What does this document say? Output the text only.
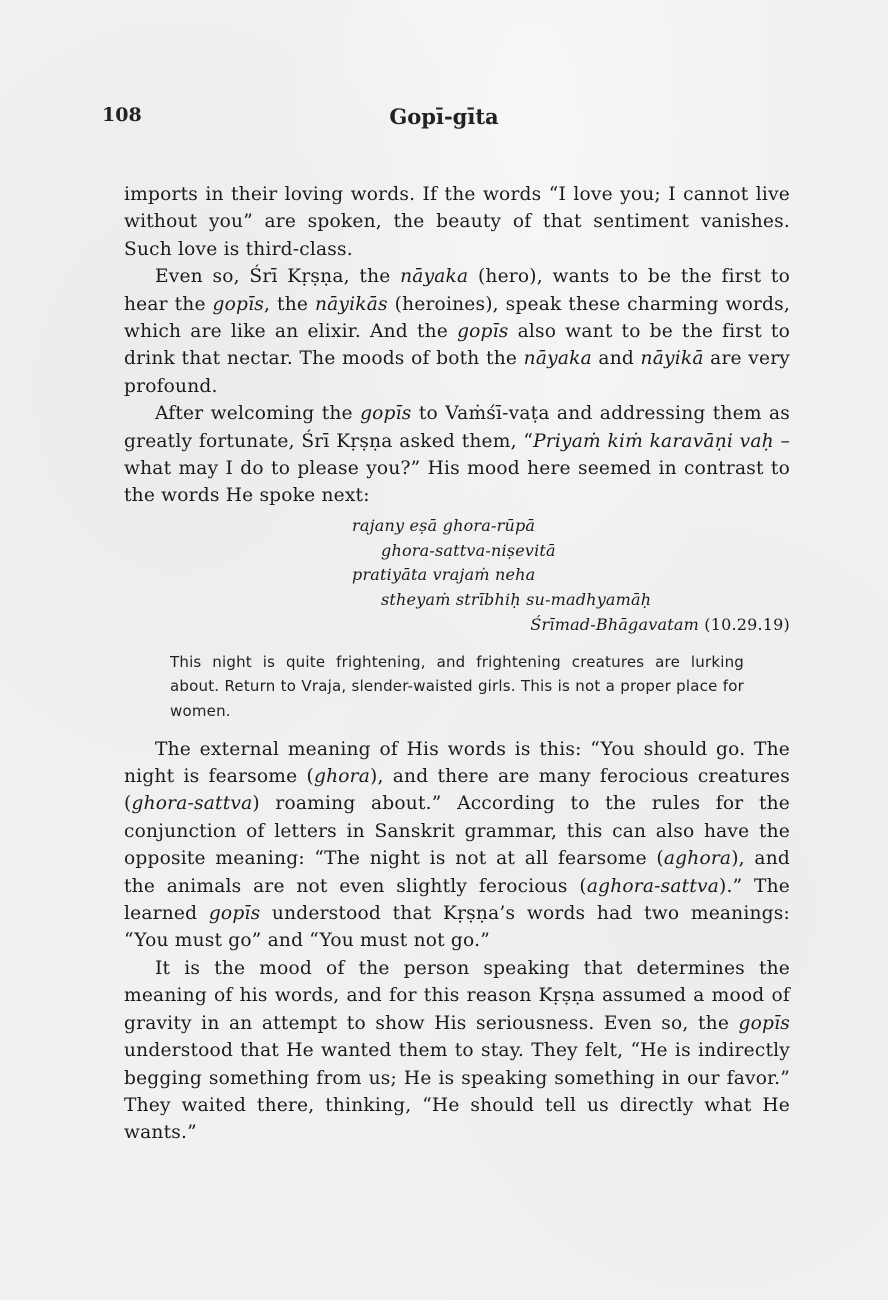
108	Gopī-gīta

imports in their loving words. If the words “I love you; I cannot live without you” are spoken, the beauty of that sentiment vanishes. Such love is third-class.

Even so, Śrī Kṛṣṇa, the nāyaka (hero), wants to be the first to hear the gopīs, the nāyikās (heroines), speak these charming words, which are like an elixir. And the gopīs also want to be the first to drink that nectar. The moods of both the nāyaka and nāyikā are very profound.

After welcoming the gopīs to Vaṁśī-vaṭa and addressing them as greatly fortunate, Śrī Kṛṣṇa asked them, “Priyaṁ kiṁ karavāṇi vaḥ – what may I do to please you?” His mood here seemed in contrast to the words He spoke next:

rajany eṣā ghora-rūpā
ghora-sattva-niṣevitā
pratiyāta vrajaṁ neha
stheyaṁ strībhiḥ su-madhyamāḥ
Śrīmad-Bhāgavatam (10.29.19)
This night is quite frightening, and frightening creatures are lurking about. Return to Vraja, slender-waisted girls. This is not a proper place for women.

The external meaning of His words is this: “You should go. The night is fearsome (ghora), and there are many ferocious creatures (ghora-sattva) roaming about.” According to the rules for the conjunction of letters in Sanskrit grammar, this can also have the opposite meaning: “The night is not at all fearsome (aghora), and the animals are not even slightly ferocious (aghora-sattva).” The learned gopīs understood that Kṛṣṇa’s words had two meanings: “You must go” and “You must not go.”

It is the mood of the person speaking that determines the meaning of his words, and for this reason Kṛṣṇa assumed a mood of gravity in an attempt to show His seriousness. Even so, the gopīs understood that He wanted them to stay. They felt, “He is indirectly begging something from us; He is speaking something in our favor.” They waited there, thinking, “He should tell us directly what He wants.”
